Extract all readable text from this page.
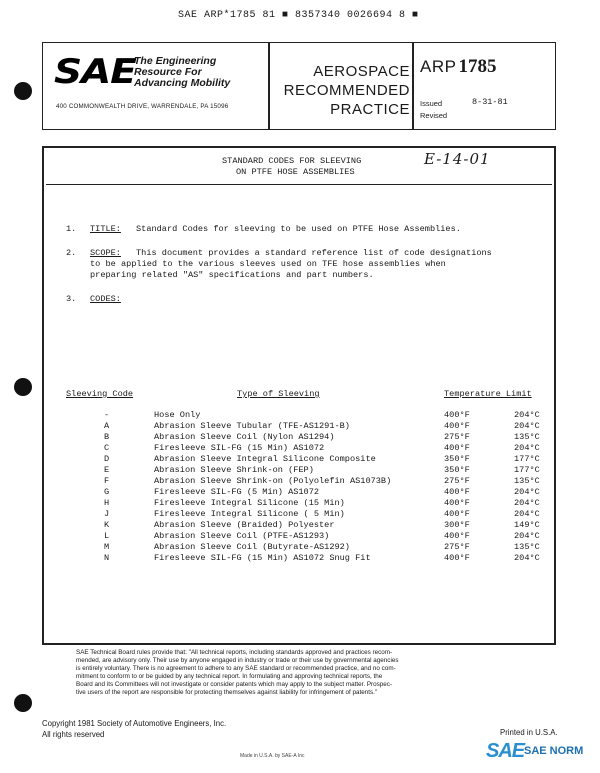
SAE ARP*1785 81 ■ 8357340 0026694 8 ■
SAE
The Engineering
Resource For
Advancing Mobility
400 COMMONWEALTH DRIVE, WARRENDALE, PA 15096
AEROSPACE
RECOMMENDED
PRACTICE
ARP 1785
Issued	8-31-81
Revised
STANDARD CODES FOR SLEEVING
ON PTFE HOSE ASSEMBLIES
E-14-01
1. TITLE: Standard Codes for sleeving to be used on PTFE Hose Assemblies.
2. SCOPE: This document provides a standard reference list of code designations
to be applied to the various sleeves used on TFE hose assemblies when
preparing related "AS" specifications and part numbers.
3. CODES:
Sleeving Code	Type of Sleeving	Temperature Limit
-	Hose Only	400°F	204°C
A	Abrasion Sleeve Tubular (TFE-AS1291-B)	400°F	204°C
B	Abrasion Sleeve Coil (Nylon AS1294)	275°F	135°C
C	Firesleeve SIL-FG (15 Min) AS1072	400°F	204°C
D	Abrasion Sleeve Integral Silicone Composite	350°F	177°C
E	Abrasion Sleeve Shrink-on (FEP)	350°F	177°C
F	Abrasion Sleeve Shrink-on (Polyolefin AS1073B)	275°F	135°C
G	Firesleeve SIL-FG (5 Min) AS1072	400°F	204°C
H	Firesleeve Integral Silicone (15 Min)	400°F	204°C
J	Firesleeve Integral Silicone ( 5 Min)	400°F	204°C
K	Abrasion Sleeve (Braided) Polyester	300°F	149°C
L	Abrasion Sleeve Coil (PTFE-AS1293)	400°F	204°C
M	Abrasion Sleeve Coil (Butyrate-AS1292)	275°F	135°C
N	Firesleeve SIL-FG (15 Min) AS1072 Snug Fit	400°F	204°C
SAE Technical Board rules provide that: "All technical reports, including standards approved and practices recom-
mended, are advisory only. Their use by anyone engaged in industry or trade or their use by governmental agencies
is entirely voluntary. There is no agreement to adhere to any SAE standard or recommended practice, and no com-
mitment to conform to or be guided by any technical report. In formulating and approving technical reports, the
Board and its Committees will not investigate or consider patents which may apply to the subject matter. Prospec-
tive users of the report are responsible for protecting themselves against liability for infringement of patents."
Copyright 1981 Society of Automotive Engineers, Inc.
All rights reserved	Printed in U.S.A.
Made in U.S.A. by SAE-A Inc	SAE SAE NORM
